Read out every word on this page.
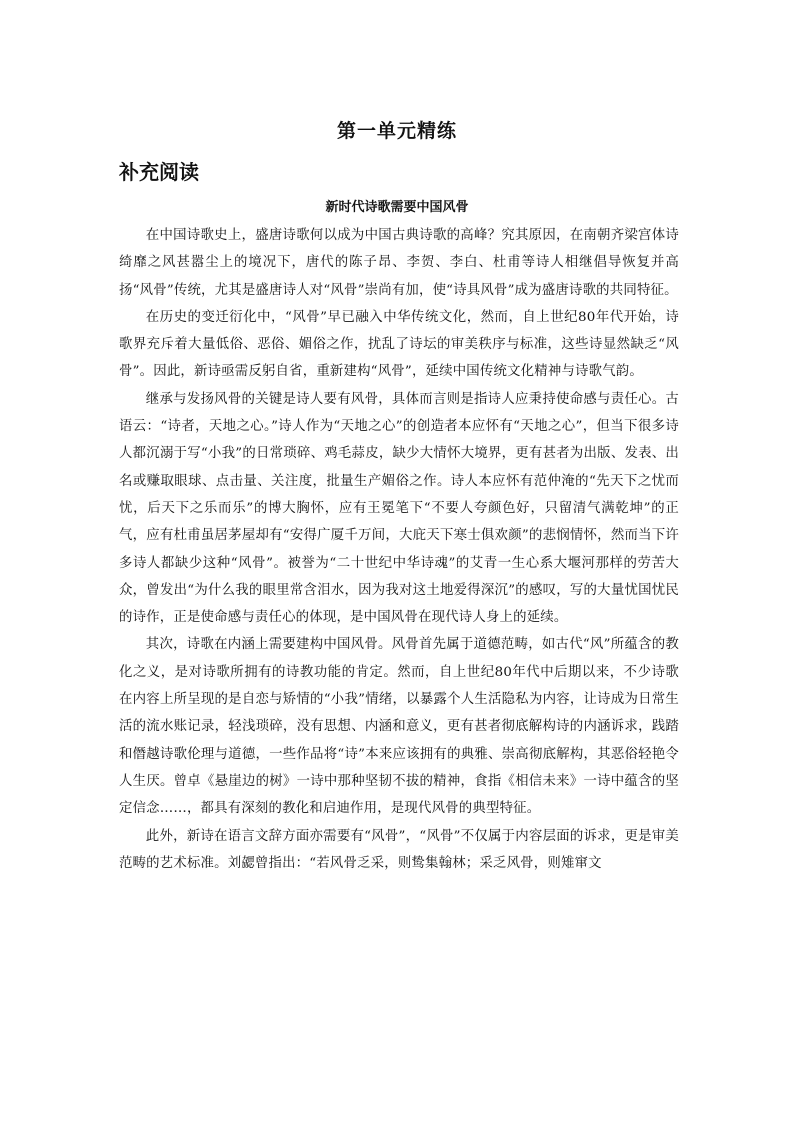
第一单元精练
补充阅读
新时代诗歌需要中国风骨

在中国诗歌史上，盛唐诗歌何以成为中国古典诗歌的高峰？究其原因，在南朝齐梁宫体诗绮靡之风甚嚣尘上的境况下，唐代的陈子昂、李贺、李白、杜甫等诗人相继倡导恢复并高扬“风骨”传统，尤其是盛唐诗人对“风骨”崇尚有加，使“诗具风骨”成为盛唐诗歌的共同特征。

在历史的变迁衍化中，“风骨”早已融入中华传统文化，然而，自上世纪80年代开始，诗歌界充斥着大量低俗、恶俗、媚俗之作，扰乱了诗坛的审美秩序与标准，这些诗显然缺乏“风骨”。因此，新诗亟需反躬自省，重新建构“风骨”，延续中国传统文化精神与诗歌气韵。

继承与发扬风骨的关键是诗人要有风骨，具体而言则是指诗人应秉持使命感与责任心。古语云：“诗者，天地之心。”诗人作为“天地之心”的创造者本应怀有“天地之心”，但当下很多诗人都沉溺于写“小我”的日常琐碎、鸡毛蒜皮，缺少大情怀大境界，更有甚者为出版、发表、出名或赚取眼球、点击量、关注度，批量生产媚俗之作。诗人本应怀有范仲淹的“先天下之忧而忧，后天下之乐而乐”的博大胸怀，应有王冕笔下“不要人夸颜色好，只留清气满乾坤”的正气，应有杜甫虽居茅屋却有“安得广厦千万间，大庇天下寒士俱欢颜”的悲悯情怀，然而当下许多诗人都缺少这种“风骨”。被誉为“二十世纪中华诗魂”的艾青一生心系大堰河那样的劳苦大众，曾发出“为什么我的眼里常含泪水，因为我对这土地爱得深沉”的感叹，写的大量忧国忧民的诗作，正是使命感与责任心的体现，是中国风骨在现代诗人身上的延续。

其次，诗歌在内涵上需要建构中国风骨。风骨首先属于道德范畴，如古代“风”所蕴含的教化之义，是对诗歌所拥有的诗教功能的肯定。然而，自上世纪80年代中后期以来，不少诗歌在内容上所呈现的是自恋与矫情的“小我”情绪，以暴露个人生活隐私为内容，让诗成为日常生活的流水账记录，轻浅琐碎，没有思想、内涵和意义，更有甚者彻底解构诗的内涵诉求，践踏和僭越诗歌伦理与道德，一些作品将“诗”本来应该拥有的典雅、崇高彻底解构，其恶俗轻艳令人生厌。曾卓《悬崖边的树》一诗中那种坚韧不拔的精神，食指《相信未来》一诗中蕴含的坚定信念……，都具有深刻的教化和启迪作用，是现代风骨的典型特征。

此外，新诗在语言文辞方面亦需要有“风骨”，“风骨”不仅属于内容层面的诉求，更是审美范畴的艺术标准。刘勰曾指出：“若风骨乏采，则鸷集翰林；采乏风骨，则雉窜文
